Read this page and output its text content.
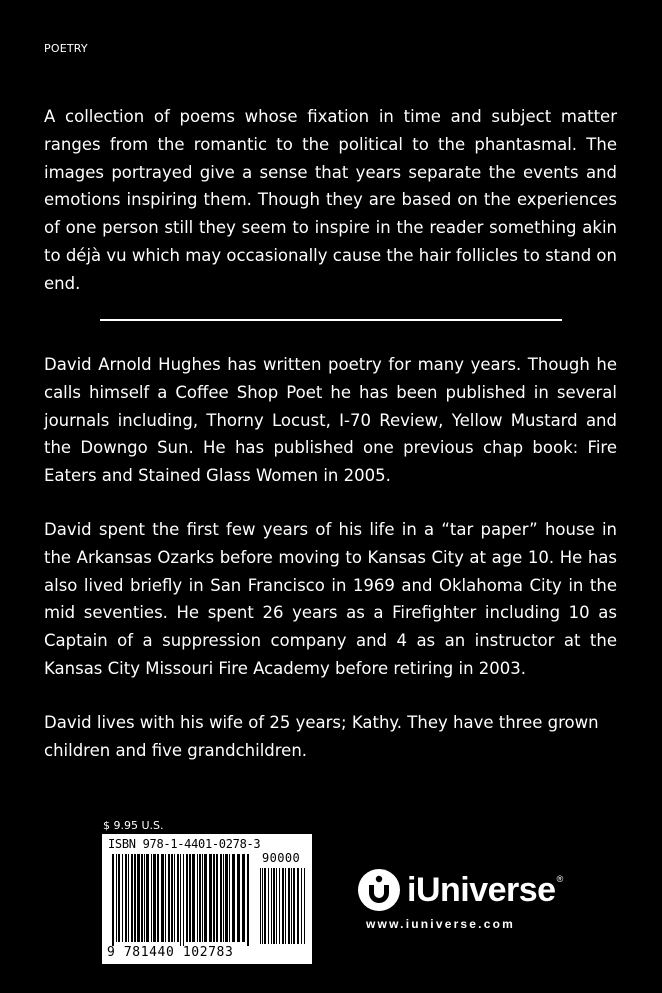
POETRY

A collection of poems whose fixation in time and subject matter ranges from the romantic to the political to the phantasmal. The images portrayed give a sense that years separate the events and emotions inspiring them. Though they are based on the experiences of one person still they seem to inspire in the reader something akin to déjà vu which may occasionally cause the hair follicles to stand on end.

David Arnold Hughes has written poetry for many years. Though he calls himself a Coffee Shop Poet he has been published in several journals including, Thorny Locust, I-70 Review, Yellow Mustard and the Downgo Sun. He has published one previous chap book: Fire Eaters and Stained Glass Women in 2005.

David spent the first few years of his life in a “tar paper” house in the Arkansas Ozarks before moving to Kansas City at age 10. He has also lived briefly in San Francisco in 1969 and Oklahoma City in the mid seventies. He spent 26 years as a Firefighter including 10 as Captain of a suppression company and 4 as an instructor at the Kansas City Missouri Fire Academy before retiring in 2003.

David lives with his wife of 25 years; Kathy. They have three grown children and five grandchildren.

$ 9.95 U.S.
ISBN 978-1-4401-0278-3
90000
9 781440 102783
iUniverse ®
www.iuniverse.com
